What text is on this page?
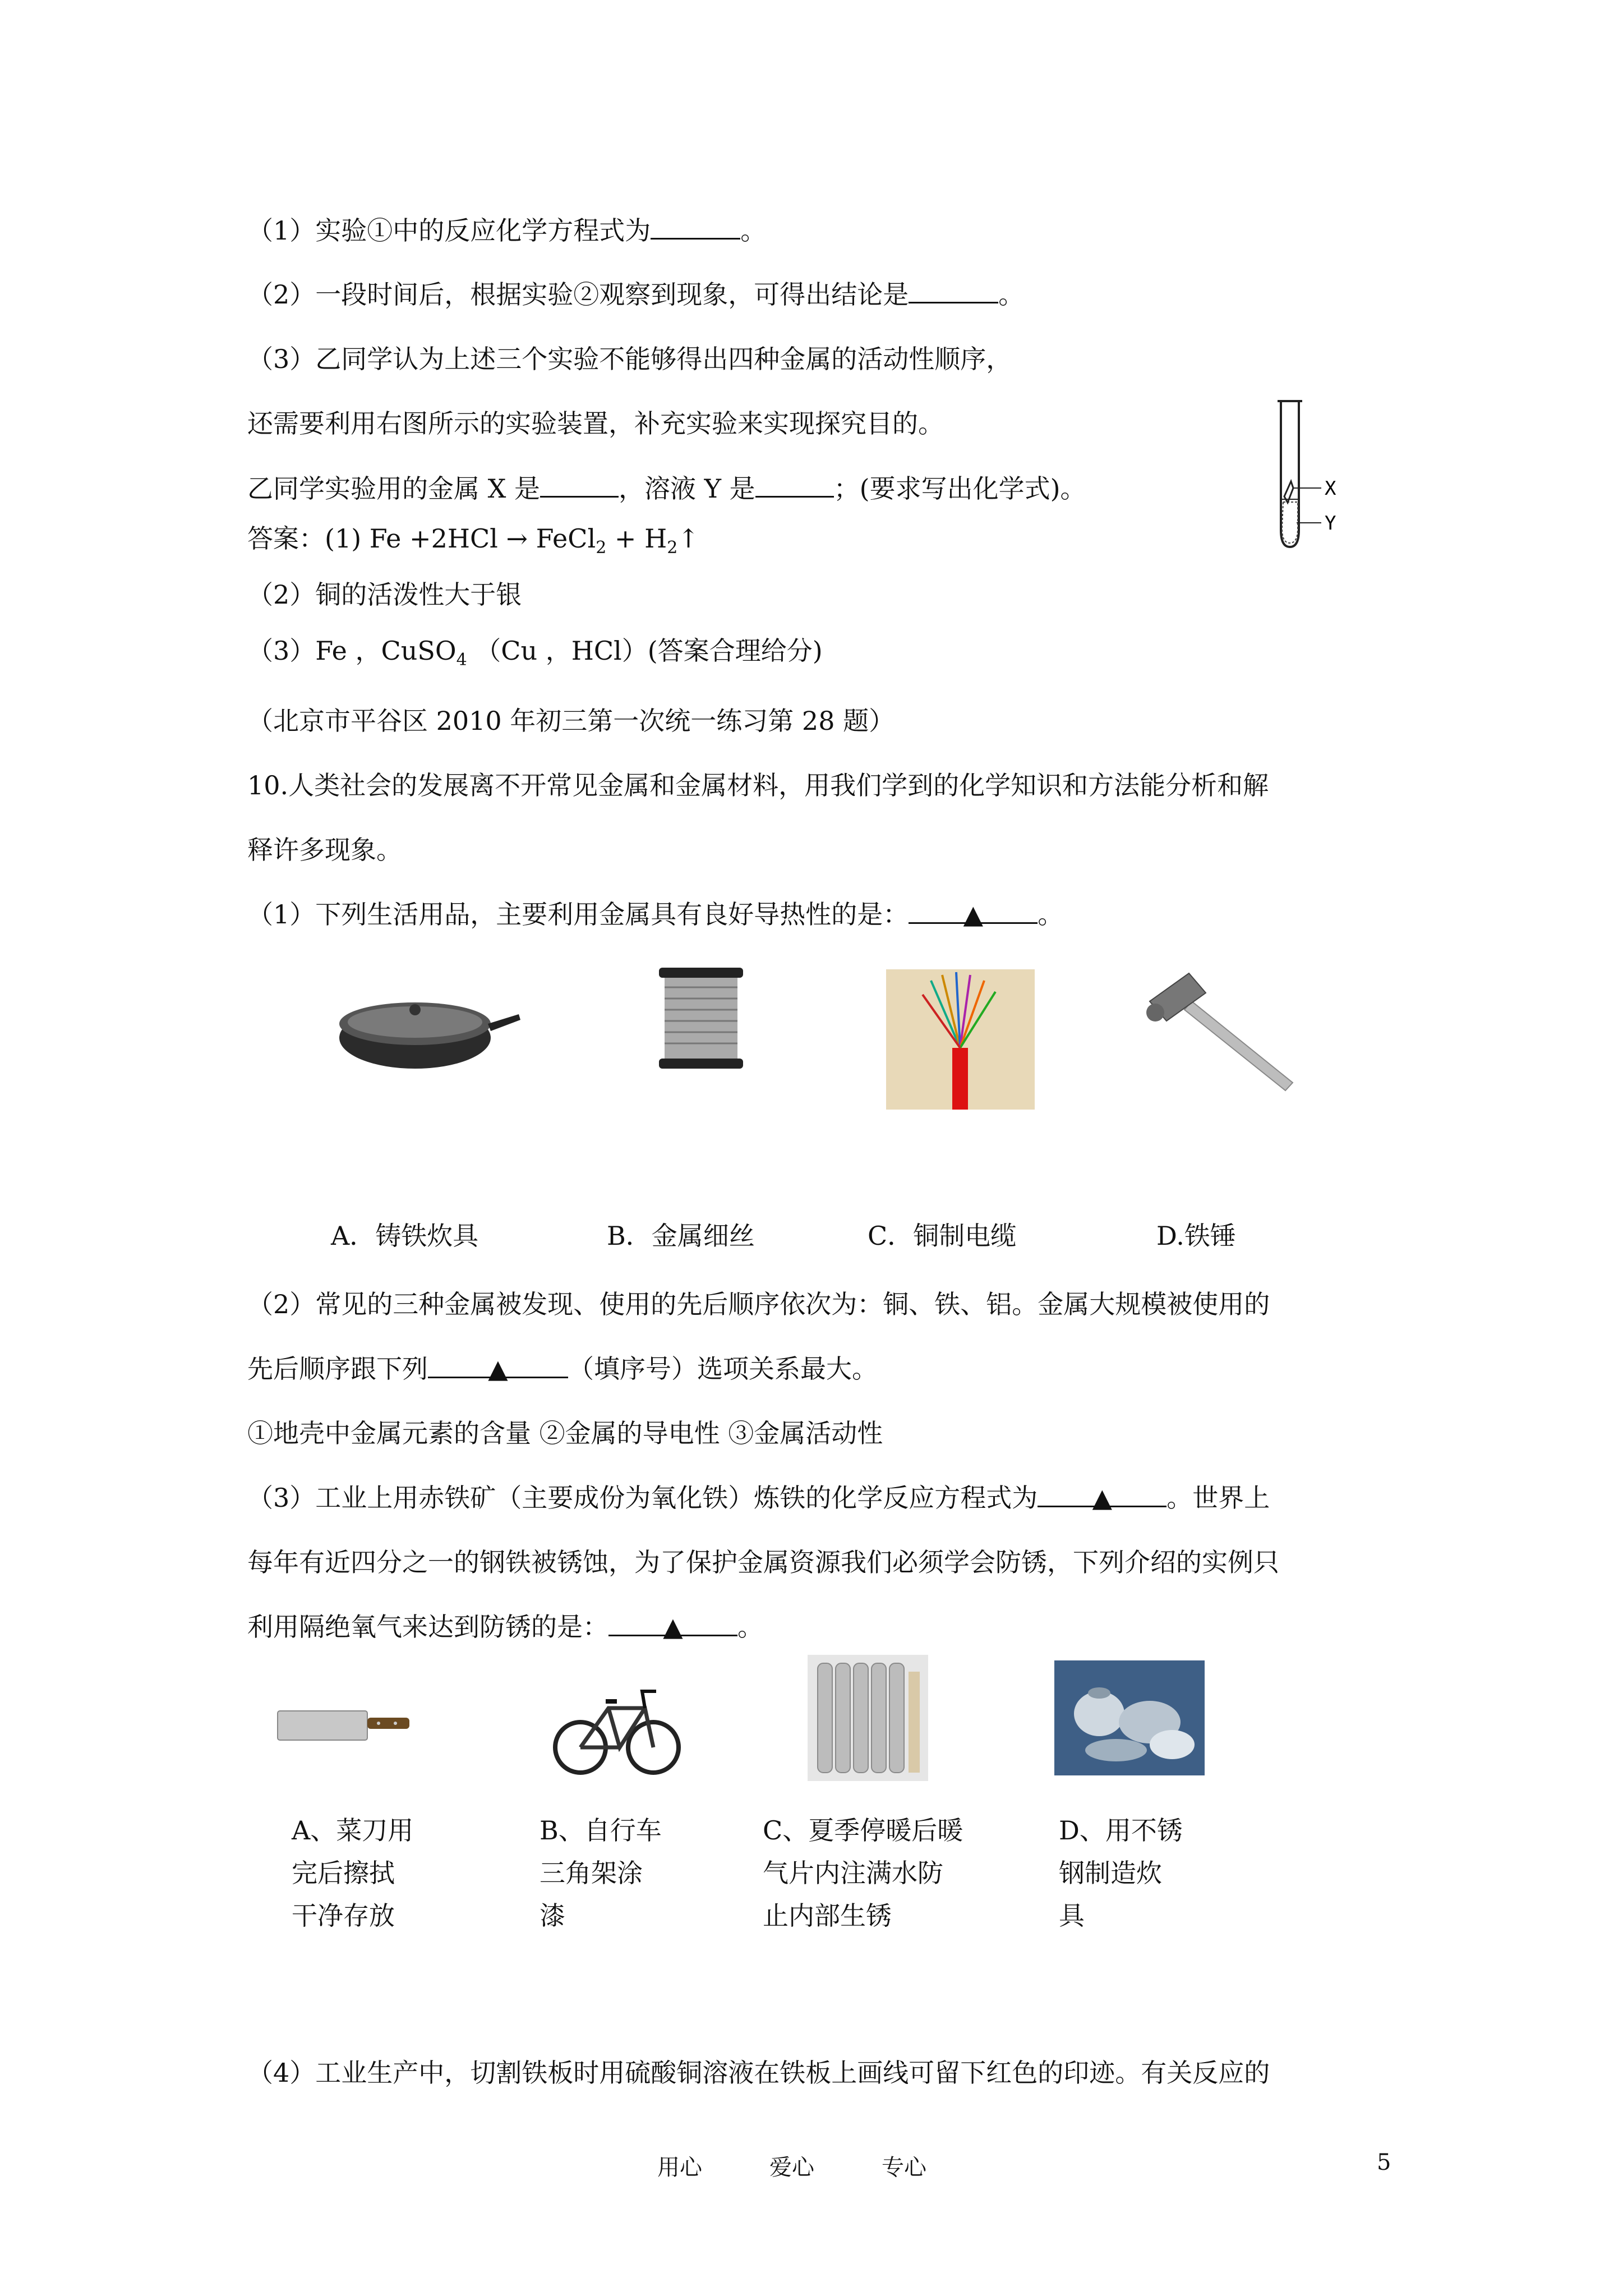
（1）实验①中的反应化学方程式为	。
（2）一段时间后，根据实验②观察到现象，可得出结论是	。
（3）乙同学认为上述三个实验不能够得出四种金属的活动性顺序，
还需要利用右图所示的实验装置，补充实验来实现探究目的。
乙同学实验用的金属 X 是	，溶液 Y 是	；(要求写出化学式)。	X
Y
答案：(1) Fe +2HCl → FeCl$_2$ + $H_2↑$
（2）铜的活泼性大于银
（3）Fe ，CuSO$_4$ （Cu ，HCl）(答案合理给分)
（北京市平谷区 2010 年初三第一次统一练习第 28 题）
10.人类社会的发展离不开常见金属和金属材料，用我们学到的化学知识和方法能分析和解
释许多现象。
（1）下列生活用品，主要利用金属具有良好导热性的是： ▲ 。
A．铸铁炊具	B．金属细丝	C．铜制电缆	D.铁锤
（2）常见的三种金属被发现、使用的先后顺序依次为：铜、铁、铝。金属大规模被使用的
先后顺序跟下列 ▲ （填序号）选项关系最大。
①地壳中金属元素的含量 ②金属的导电性 ③金属活动性
（3）工业上用赤铁矿（主要成份为氧化铁）炼铁的化学反应方程式为 ▲ 。世界上
每年有近四分之一的钢铁被锈蚀，为了保护金属资源我们必须学会防锈，下列介绍的实例只
利用隔绝氧气来达到防锈的是： ▲ 。
A、菜刀用
完后擦拭
干净存放
B、自行车
三角架涂
漆
C、夏季停暖后暖
气片内注满水防
止内部生锈
D、用不锈
钢制造炊
具
（4）工业生产中，切割铁板时用硫酸铜溶液在铁板上画线可留下红色的印迹。有关反应的
用心	爱心	专心	5
